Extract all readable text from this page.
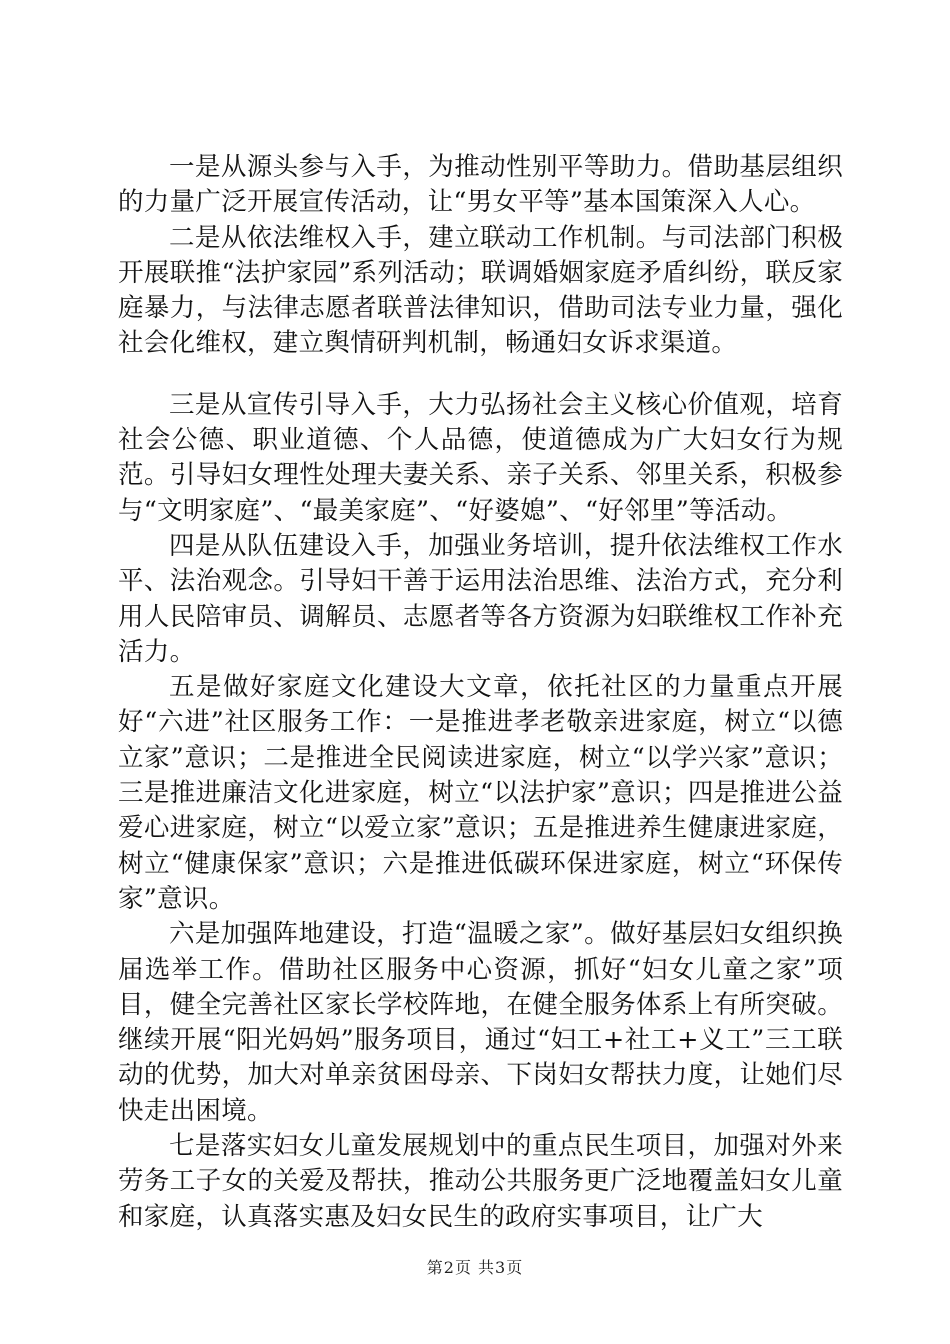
一是从源头参与入手，为推动性别平等助力。借助基层组织的力量广泛开展宣传活动，让“男女平等”基本国策深入人心。

二是从依法维权入手，建立联动工作机制。与司法部门积极开展联推“法护家园”系列活动；联调婚姻家庭矛盾纠纷，联反家庭暴力，与法律志愿者联普法律知识，借助司法专业力量，强化社会化维权，建立舆情研判机制，畅通妇女诉求渠道。

三是从宣传引导入手，大力弘扬社会主义核心价值观，培育社会公德、职业道德、个人品德，使道德成为广大妇女行为规范。引导妇女理性处理夫妻关系、亲子关系、邻里关系，积极参与“文明家庭”、“最美家庭”、“好婆媳”、“好邻里”等活动。

四是从队伍建设入手，加强业务培训，提升依法维权工作水平、法治观念。引导妇干善于运用法治思维、法治方式，充分利用人民陪审员、调解员、志愿者等各方资源为妇联维权工作补充活力。

五是做好家庭文化建设大文章，依托社区的力量重点开展好“六进”社区服务工作：一是推进孝老敬亲进家庭，树立“以德立家”意识；二是推进全民阅读进家庭，树立“以学兴家”意识；三是推进廉洁文化进家庭，树立“以法护家”意识；四是推进公益爱心进家庭，树立“以爱立家”意识；五是推进养生健康进家庭，树立“健康保家”意识；六是推进低碳环保进家庭，树立“环保传家”意识。

六是加强阵地建设，打造“温暖之家”。做好基层妇女组织换届选举工作。借助社区服务中心资源，抓好“妇女儿童之家”项目，健全完善社区家长学校阵地，在健全服务体系上有所突破。继续开展“阳光妈妈”服务项目，通过“妇工+社工+义工”三工联动的优势，加大对单亲贫困母亲、下岗妇女帮扶力度，让她们尽快走出困境。

七是落实妇女儿童发展规划中的重点民生项目，加强对外来劳务工子女的关爱及帮扶，推动公共服务更广泛地覆盖妇女儿童和家庭，认真落实惠及妇女民生的政府实事项目，让广大

第2页 共3页
